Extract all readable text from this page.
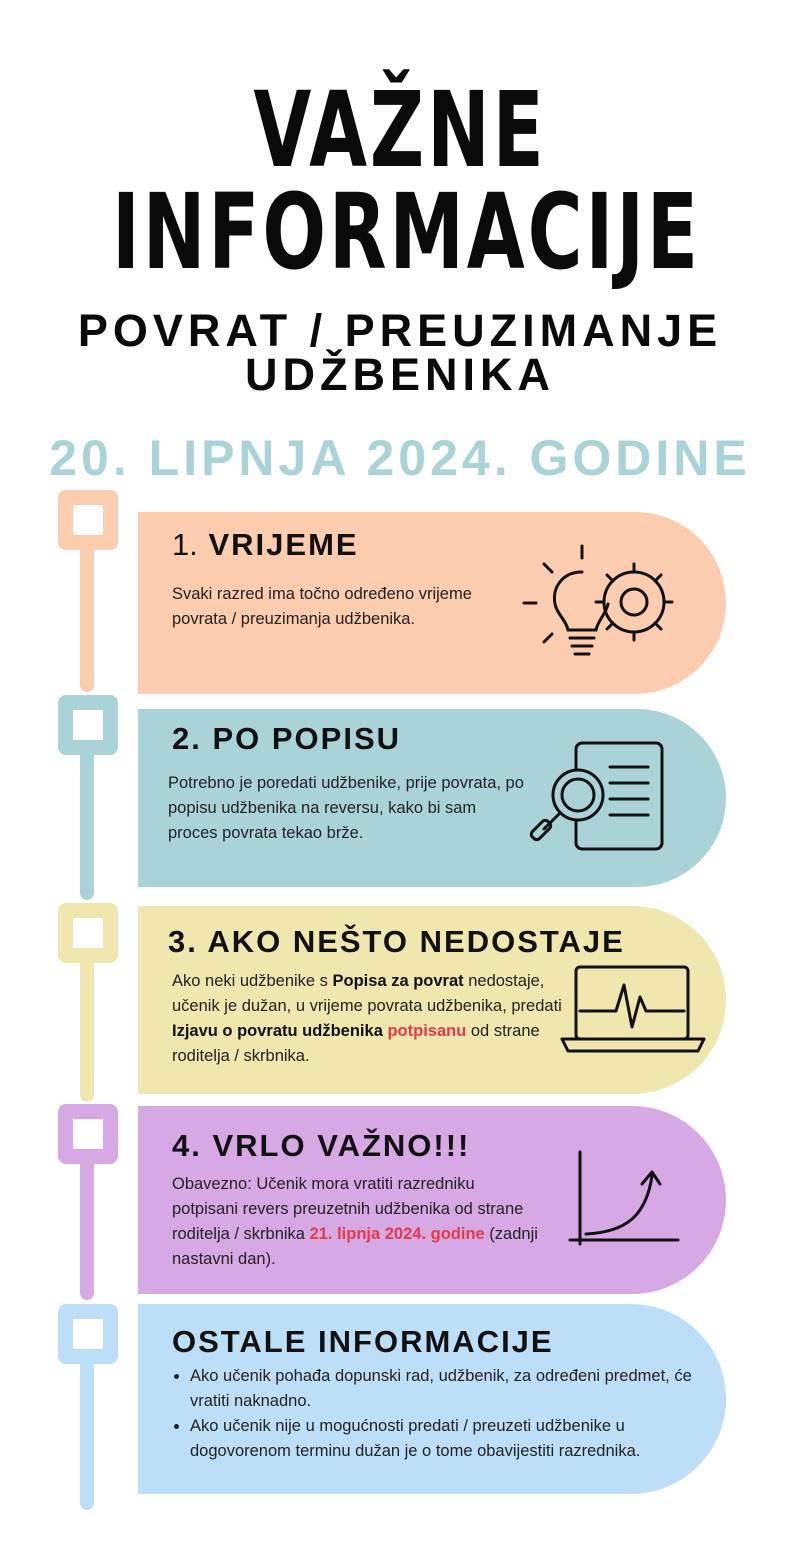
VAŽNE
INFORMACIJE
POVRAT / PREUZIMANJE
UDŽBENIKA
20. LIPNJA 2024. GODINE
1. VRIJEME
Svaki razred ima točno određeno vrijeme povrata / preuzimanja udžbenika.
2. PO POPISU
Potrebno je poredati udžbenike, prije povrata, po popisu udžbenika na reversu, kako bi sam proces povrata tekao brže.
3. AKO NEŠTO NEDOSTAJE
Ako neki udžbenike s Popisa za povrat nedostaje, učenik je dužan, u vrijeme povrata udžbenika, predati Izjavu o povratu udžbenika potpisanu od strane roditelja / skrbnika.
4. VRLO VAŽNO!!!
Obavezno: Učenik mora vratiti razredniku potpisani revers preuzetnih udžbenika od strane roditelja / skrbnika 21. lipnja 2024. godine (zadnji nastavni dan).
OSTALE INFORMACIJE
• Ako učenik pohađa dopunski rad, udžbenik, za određeni predmet, će vratiti naknadno.
• Ako učenik nije u mogućnosti predati / preuzeti udžbenike u dogovorenom terminu dužan je o tome obavijestiti razrednika.
